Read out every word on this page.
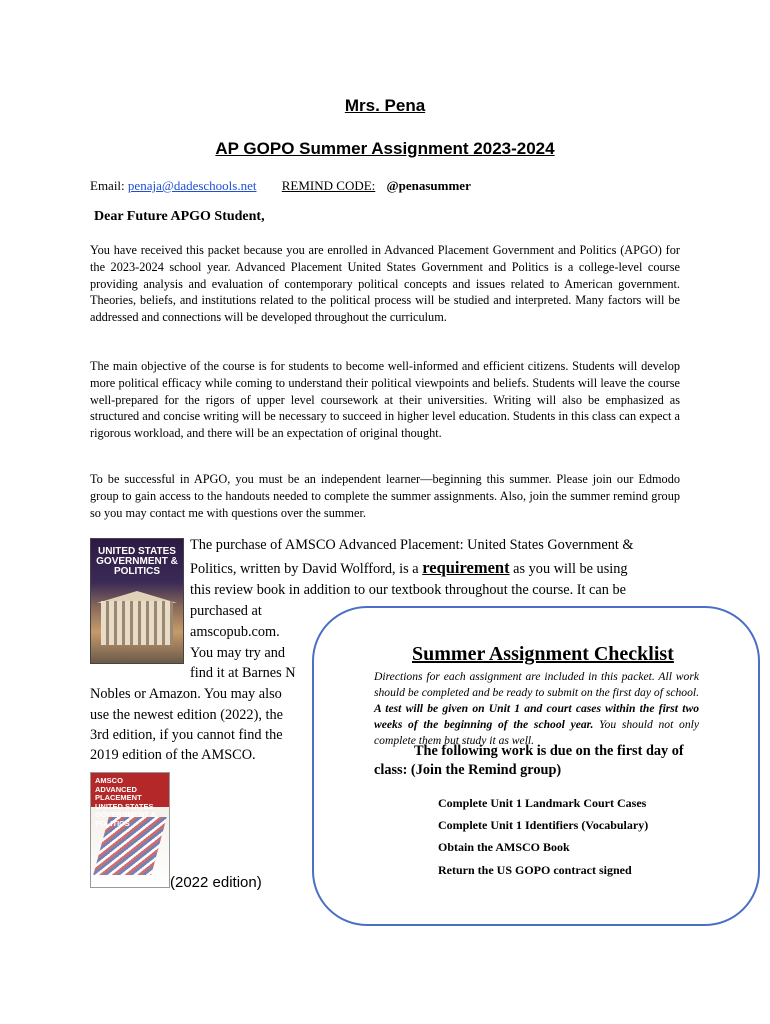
Mrs. Pena
AP GOPO Summer Assignment 2023-2024
Email: penaja@dadeschools.net REMIND CODE: @penasummer
Dear Future APGO Student,
You have received this packet because you are enrolled in Advanced Placement Government and Politics (APGO) for the 2023-2024 school year. Advanced Placement United States Government and Politics is a college-level course providing analysis and evaluation of contemporary political concepts and issues related to American government. Theories, beliefs, and institutions related to the political process will be studied and interpreted. Many factors will be addressed and connections will be developed throughout the curriculum.
The main objective of the course is for students to become well-informed and efficient citizens. Students will develop more political efficacy while coming to understand their political viewpoints and beliefs. Students will leave the course well-prepared for the rigors of upper level coursework at their universities. Writing will also be emphasized as structured and concise writing will be necessary to succeed in higher level education. Students in this class can expect a rigorous workload, and there will be an expectation of original thought.
To be successful in APGO, you must be an independent learner—beginning this summer. Please join our Edmodo group to gain access to the handouts needed to complete the summer assignments. Also, join the summer remind group so you may contact me with questions over the summer.
UNITED STATES GOVERNMENT & POLITICS
The purchase of AMSCO Advanced Placement: United States Government &
Politics, written by David Wolfford, is a requirement as you will be using
this review book in addition to our textbook throughout the course. It can be
purchased at
amscopub.com.
You may try and
find it at Barnes N
Nobles or Amazon. You may also
use the newest edition (2022), the
3rd edition, if you cannot find the
2019 edition of the AMSCO.
AMSCO ADVANCED PLACEMENT UNITED STATES GOVERNMENT & POLITICS
(2022 edition)
Summer Assignment Checklist
Directions for each assignment are included in this packet. All work should be completed and be ready to submit on the first day of school. A test will be given on Unit 1 and court cases within the first two weeks of the beginning of the school year. You should not only complete them but study it as well.
The following work is due on the first day of class: (Join the Remind group)
Complete Unit 1 Landmark Court Cases
Complete Unit 1 Identifiers (Vocabulary)
Obtain the AMSCO Book
Return the US GOPO contract signed
